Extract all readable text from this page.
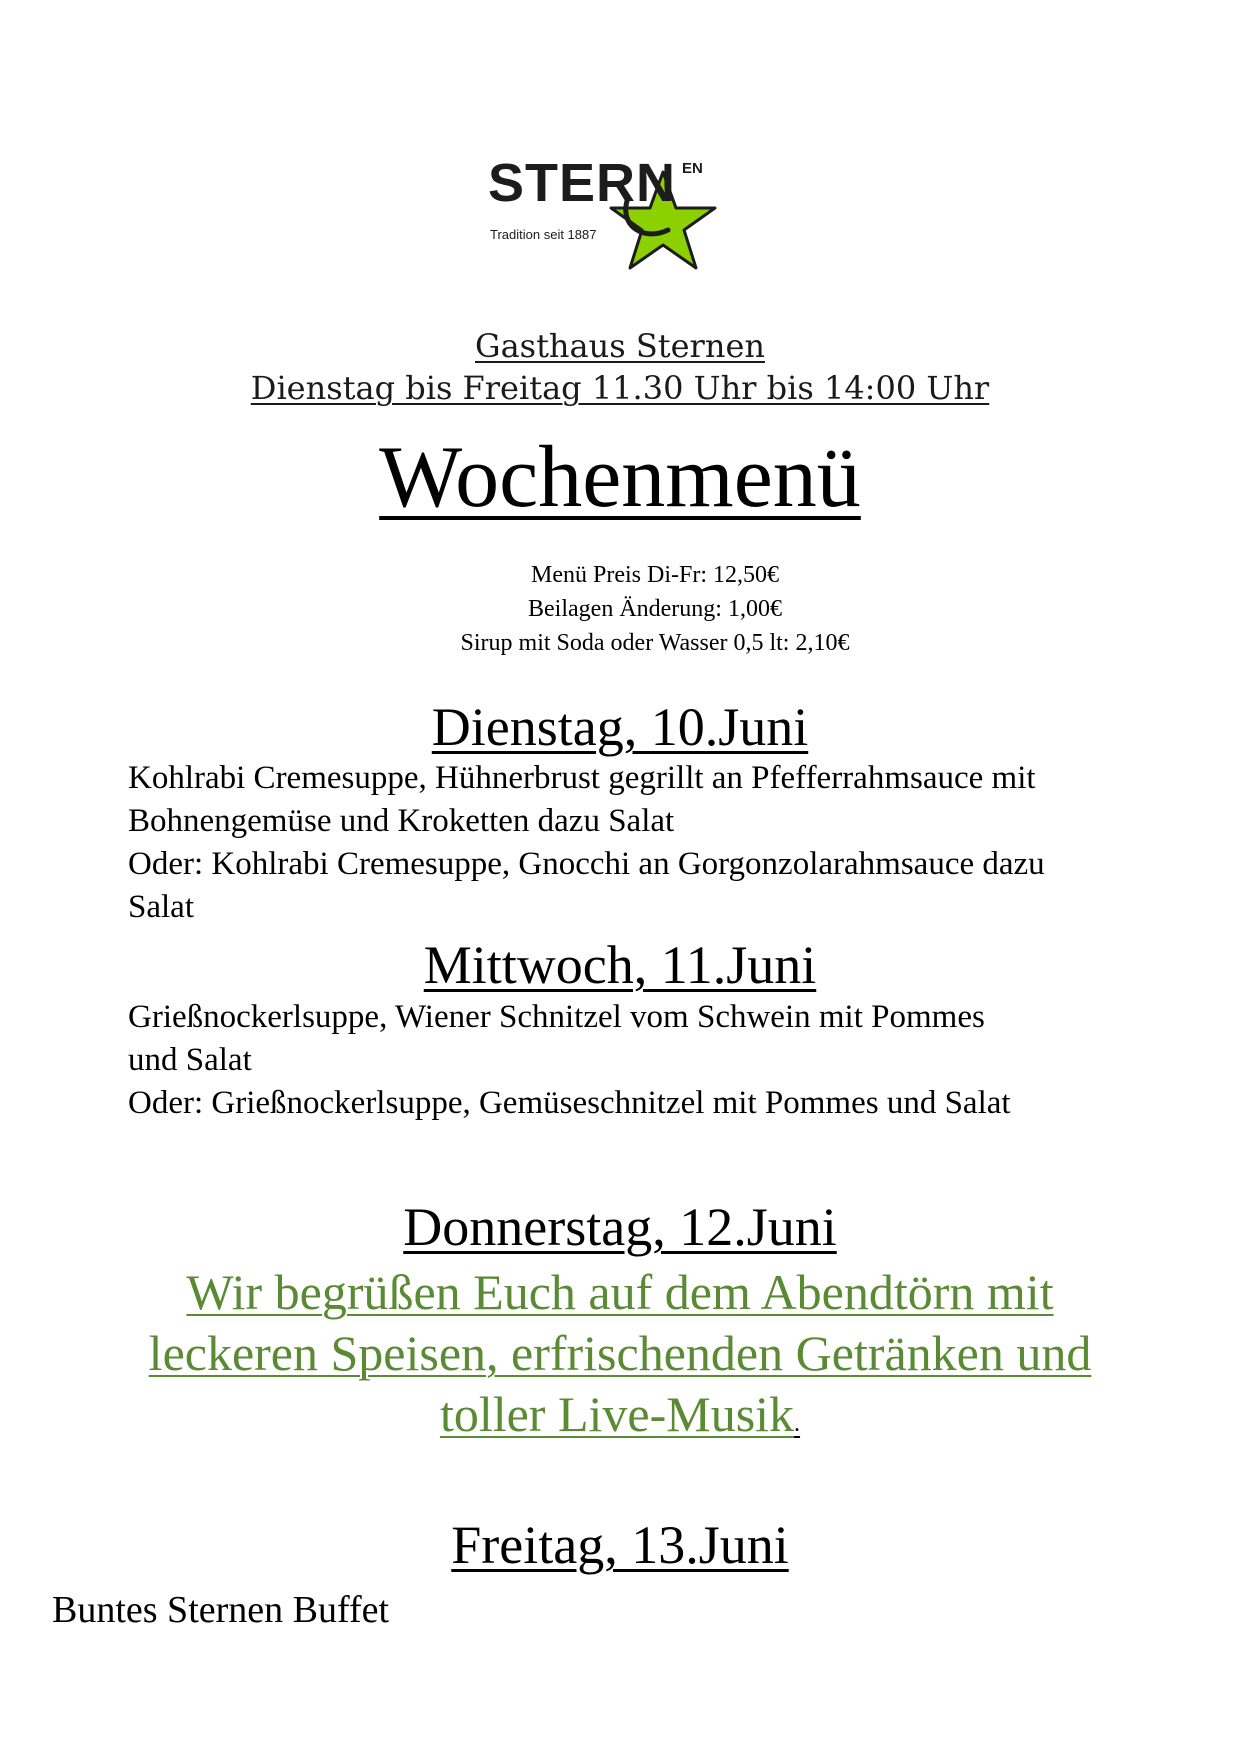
STERN EN
Tradition seit 1887
Gasthaus Sternen
Dienstag bis Freitag 11.30 Uhr bis 14:00 Uhr
Wochenmenü
Menü Preis Di-Fr: 12,50€
Beilagen Änderung: 1,00€
Sirup mit Soda oder Wasser 0,5 lt: 2,10€
Dienstag, 10.Juni
Kohlrabi Cremesuppe, Hühnerbrust gegrillt an Pfefferrahmsauce mit
Bohnengemüse und Kroketten dazu Salat
Oder: Kohlrabi Cremesuppe, Gnocchi an Gorgonzolarahmsauce dazu
Salat
Mittwoch, 11.Juni
Grießnockerlsuppe, Wiener Schnitzel vom Schwein mit Pommes
und Salat
Oder: Grießnockerlsuppe, Gemüseschnitzel mit Pommes und Salat
Donnerstag, 12.Juni
Wir begrüßen Euch auf dem Abendtörn mit
leckeren Speisen, erfrischenden Getränken und
toller Live-Musik.
Freitag, 13.Juni
Buntes Sternen Buffet
